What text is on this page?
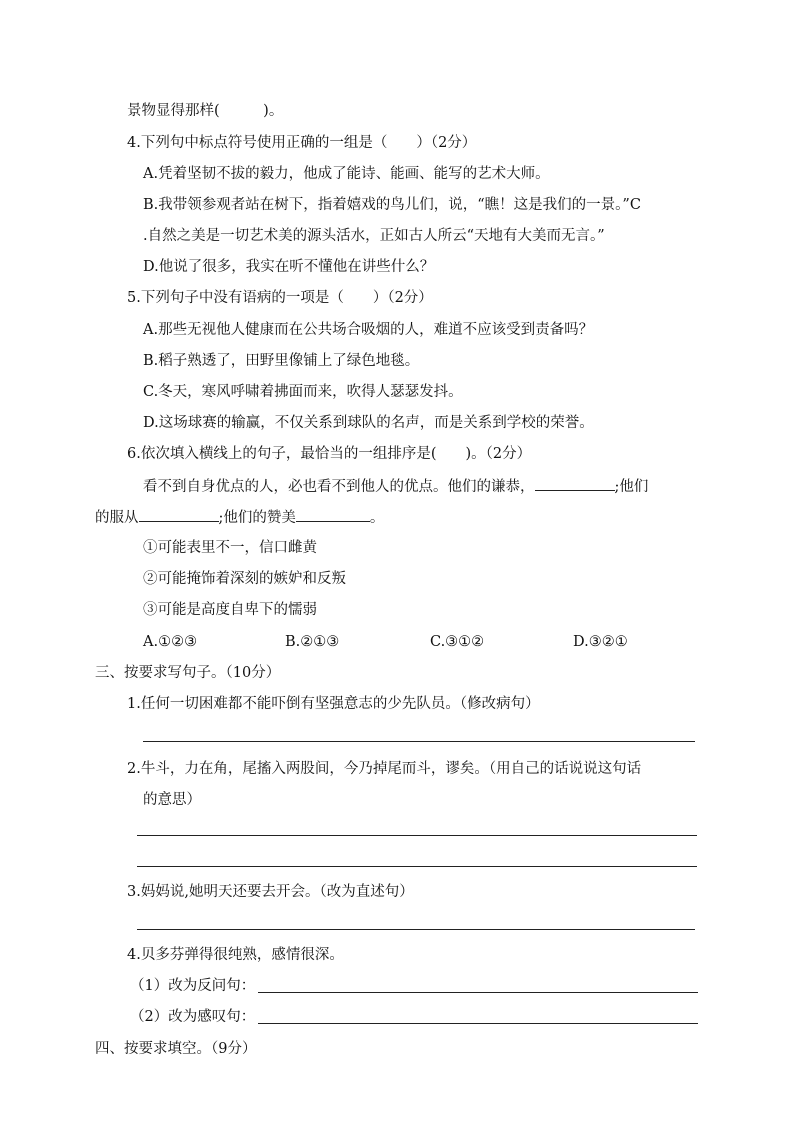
景物显得那样(　　　)。
4.下列句中标点符号使用正确的一组是（　　）（2分）
A.凭着坚韧不拔的毅力，他成了能诗、能画、能写的艺术大师。
B.我带领参观者站在树下，指着嬉戏的鸟儿们，说，“瞧！这是我们的一景。”C
.自然之美是一切艺术美的源头活水，正如古人所云“天地有大美而无言。”
D.他说了很多，我实在听不懂他在讲些什么？
5.下列句子中没有语病的一项是（　　）（2分）
A.那些无视他人健康而在公共场合吸烟的人，难道不应该受到责备吗？
B.稻子熟透了，田野里像铺上了绿色地毯。
C.冬天，寒风呼啸着拂面而来，吹得人瑟瑟发抖。
D.这场球赛的输赢，不仅关系到球队的名声，而是关系到学校的荣誉。
6.依次填入横线上的句子，最恰当的一组排序是(　　)。（2分）
看不到自身优点的人，必也看不到他人的优点。他们的谦恭，	;他们
的服从	;他们的赞美	。
①可能表里不一，信口雌黄
②可能掩饰着深刻的嫉妒和反叛
③可能是高度自卑下的懦弱
A.①②③	B.②①③	C.③①②	D.③②①
三、按要求写句子。（10分）
1.任何一切困难都不能吓倒有坚强意志的少先队员。（修改病句）
2.牛斗，力在角，尾搐入两股间，今乃掉尾而斗，谬矣。（用自己的话说说这句话
的意思）
3.妈妈说,她明天还要去开会。（改为直述句）
4.贝多芬弹得很纯熟，感情很深。
（1）改为反问句：
（2）改为感叹句：
四、按要求填空。（9分）
